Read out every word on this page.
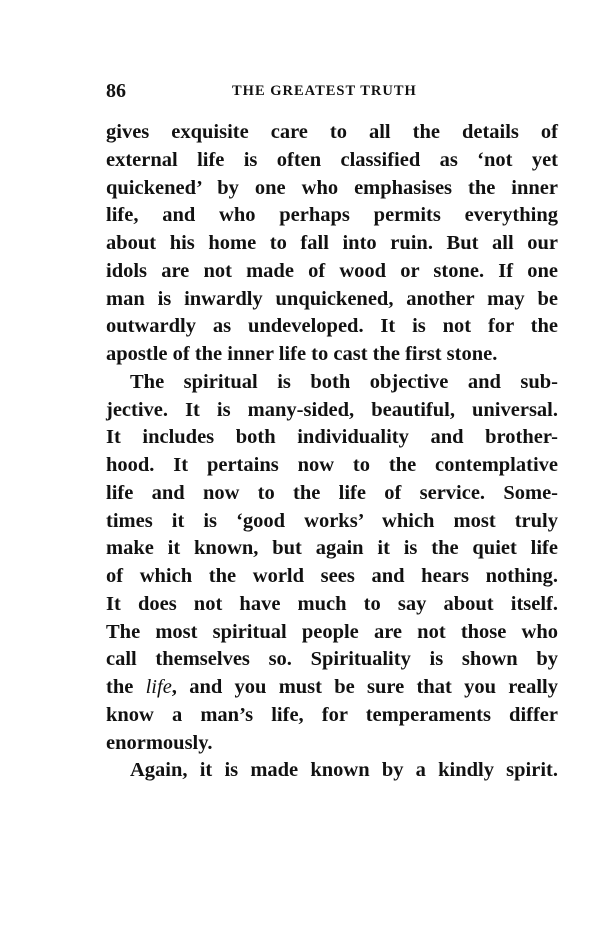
86	THE GREATEST TRUTH
gives exquisite care to all the details of
external life is often classified as ‘not yet
quickened’ by one who emphasises the inner
life, and who perhaps permits everything
about his home to fall into ruin. But all our
idols are not made of wood or stone. If one
man is inwardly unquickened, another may be
outwardly as undeveloped. It is not for the
apostle of the inner life to cast the first stone.
The spiritual is both objective and sub-
jective. It is many-sided, beautiful, universal.
It includes both individuality and brother-
hood. It pertains now to the contemplative
life and now to the life of service. Some-
times it is ‘good works’ which most truly
make it known, but again it is the quiet life
of which the world sees and hears nothing.
It does not have much to say about itself.
The most spiritual people are not those who
call themselves so. Spirituality is shown by
the life, and you must be sure that you really
know a man’s life, for temperaments differ
enormously.
Again, it is made known by a kindly spirit.
